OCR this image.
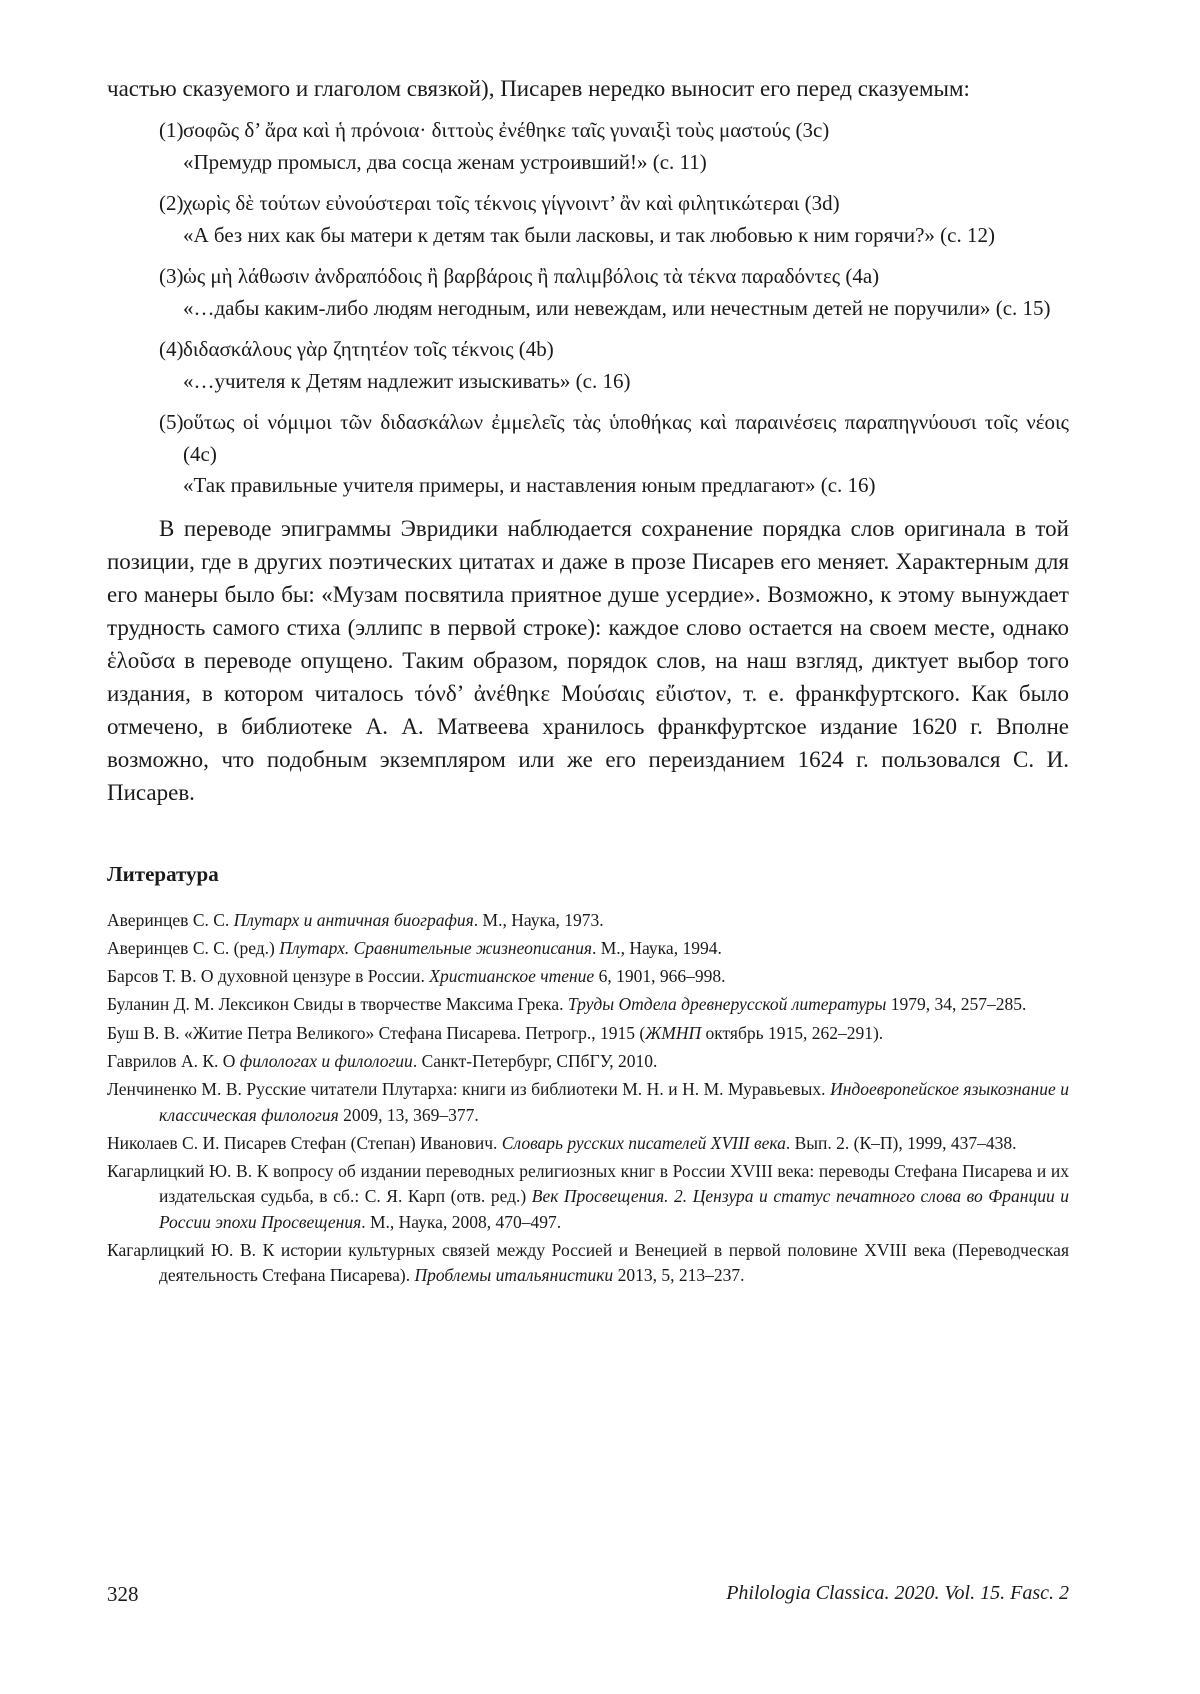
частью сказуемого и глаголом связкой), Писарев нередко выносит его перед сказуемым:

(1) σοφῶς δ’ ἄρα καὶ ἡ πρόνοια· διττοὺς ἐνέθηκε ταῖς γυναιξὶ τοὺς μαστούς (3c)
«Премудр промысл, два сосца женам устроивший!» (с. 11)
(2) χωρὶς δὲ τούτων εὐνούστεραι τοῖς τέκνοις γίγνοιντ’ ἂν καὶ φιλητικώτεραι (3d)
«А без них как бы матери к детям так были ласковы, и так любовью к ним горячи?» (с. 12)
(3) ὡς μὴ λάθωσιν ἀνδραπόδοις ἢ βαρβάροις ἢ παλιμβόλοις τὰ τέκνα παραδόντες (4a)
«…дабы каким-либо людям негодным, или невеждам, или нечестным детей не поручили» (с. 15)
(4) διδασκάλους γὰρ ζητητέον τοῖς τέκνοις (4b)
«…учителя к Детям надлежит изыскивать» (с. 16)
(5) οὕτως οἱ νόμιμοι τῶν διδασκάλων ἐμμελεῖς τὰς ὑποθήκας καὶ παραινέσεις παραπηγνύουσι τοῖς νέοις (4c)
«Так правильные учителя примеры, и наставления юным предлагают» (с. 16)

В переводе эпиграммы Эвридики наблюдается сохранение порядка слов оригинала в той позиции, где в других поэтических цитатах и даже в прозе Писарев его меняет. Характерным для его манеры было бы: «Музам посвятила приятное душе усердие». Возможно, к этому вынуждает трудность самого стиха (эллипс в первой строке): каждое слово остается на своем месте, однако ἑλοῦσα в переводе опущено. Таким образом, порядок слов, на наш взгляд, диктует выбор того издания, в котором читалось τόνδ’ ἀνέθηκε Μούσαις εὔιστον, т. е. франкфуртского. Как было отмечено, в библиотеке А. А. Матвеева хранилось франкфуртское издание 1620 г. Вполне возможно, что подобным экземпляром или же его переизданием 1624 г. пользовался С. И. Писарев.

Литература

Аверинцев С. С. Плутарх и античная биография. М., Наука, 1973.

Аверинцев С. С. (ред.) Плутарх. Сравнительные жизнеописания. М., Наука, 1994.

Барсов Т. В. О духовной цензуре в России. Христианское чтение 6, 1901, 966–998.

Буланин Д. М. Лексикон Свиды в творчестве Максима Грека. Труды Отдела древнерусской литературы 1979, 34, 257–285.

Буш В. В. «Житие Петра Великого» Стефана Писарева. Петрогр., 1915 (ЖМНП октябрь 1915, 262–291).

Гаврилов А. К. О филологах и филологии. Санкт-Петербург, СПбГУ, 2010.

Ленчиненко М. В. Русские читатели Плутарха: книги из библиотеки М. Н. и Н. М. Муравьевых. Индоевропейское языкознание и классическая филология 2009, 13, 369–377.

Николаев С. И. Писарев Стефан (Степан) Иванович. Словарь русских писателей XVIII века. Вып. 2. (К–П), 1999, 437–438.

Кагарлицкий Ю. В. К вопросу об издании переводных религиозных книг в России XVIII века: переводы Стефана Писарева и их издательская судьба, в сб.: С. Я. Карп (отв. ред.) Век Просвещения. 2. Цензура и статус печатного слова во Франции и России эпохи Просвещения. М., Наука, 2008, 470–497.

Кагарлицкий Ю. В. К истории культурных связей между Россией и Венецией в первой половине XVIII века (Переводческая деятельность Стефана Писарева). Проблемы итальянистики 2013, 5, 213–237.

328	Philologia Classica. 2020. Vol. 15. Fasc. 2
